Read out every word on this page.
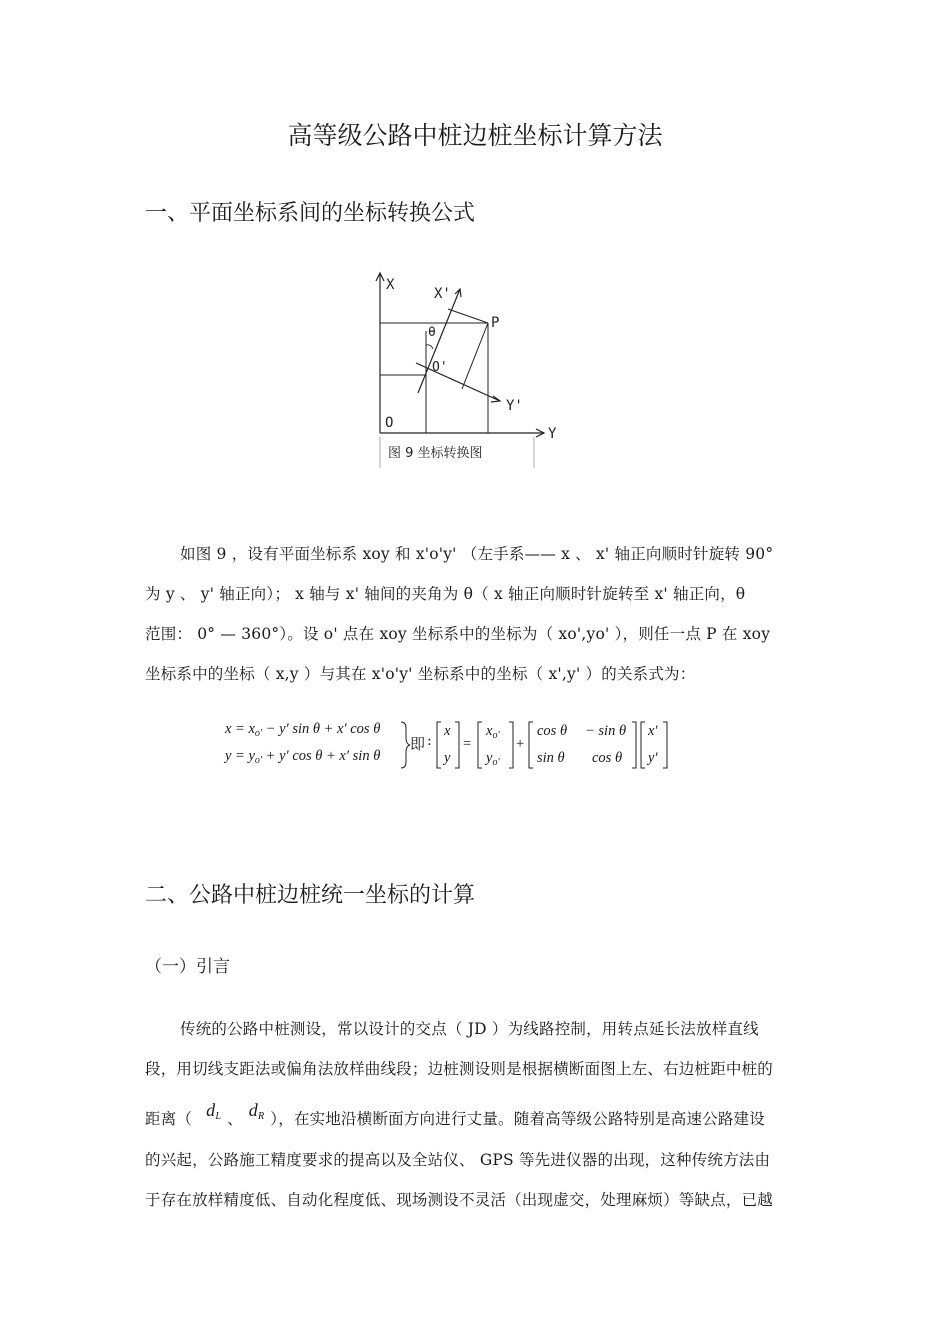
高等级公路中桩边桩坐标计算方法
一、平面坐标系间的坐标转换公式
X
X'
P
θ
O'
Y'
O
Y
图 9 坐标转换图
如图 9 ，设有平面坐标系 xoy 和 x'o'y' （左手系—— x 、 x' 轴正向顺时针旋转 90°
为 y 、 y' 轴正向）； x 轴与 x' 轴间的夹角为 θ（ x 轴正向顺时针旋转至 x' 轴正向，θ
范围： 0° — 360°）。设 o' 点在 xoy 坐标系中的坐标为（ xo',yo' ），则任一点 P 在 xoy
坐标系中的坐标（ x,y ）与其在 x'o'y' 坐标系中的坐标（ x',y' ）的关系式为：
$x = x_{o'} - y'$ sin θ + x′ cos θ
$y = y_{o'} + y'$ cos θ + x′ sin θ
即 :
x
y
=
$x_{o'}$
$y_{o'}$
+
cos θ − sin θ
sin θ cos θ
x′
y′
二、公路中桩边桩统一坐标的计算
（一）引言
传统的公路中桩测设，常以设计的交点（ JD ）为线路控制，用转点延长法放样直线
段，用切线支距法或偏角法放样曲线段；边桩测设则是根据横断面图上左、右边桩距中桩的
距离（ dL 、 dR ），在实地沿横断面方向进行丈量。随着高等级公路特别是高速公路建设
的兴起，公路施工精度要求的提高以及全站仪、 GPS 等先进仪器的出现，这种传统方法由
于存在放样精度低、自动化程度低、现场测设不灵活（出现虚交，处理麻烦）等缺点，已越
